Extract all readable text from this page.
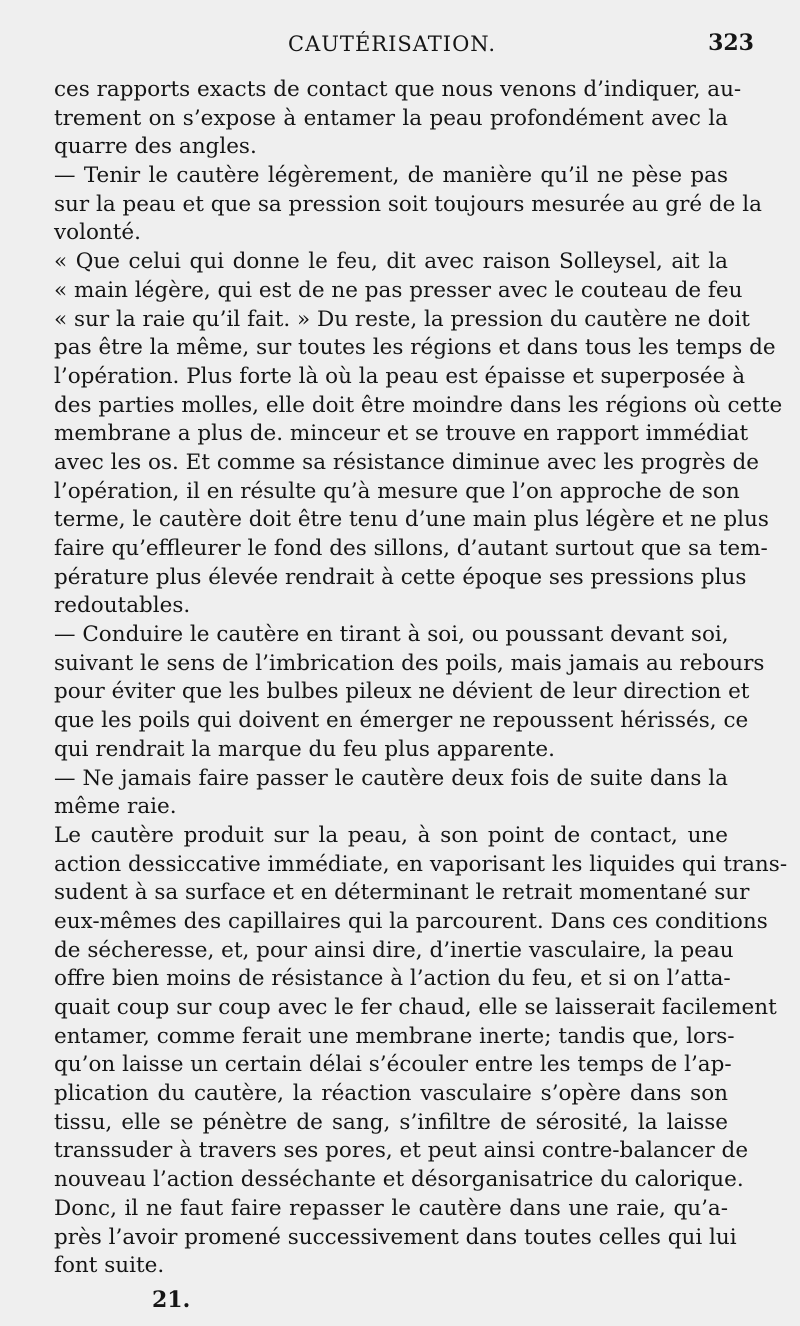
CAUTÉRISATION.	323
ces rapports exacts de contact que nous venons d’indiquer, au-
trement on s’expose à entamer la peau profondément avec la
quarre des angles.
— Tenir le cautère légèrement, de manière qu’il ne pèse pas
sur la peau et que sa pression soit toujours mesurée au gré de la
volonté.
« Que celui qui donne le feu, dit avec raison Solleysel, ait la
« main légère, qui est de ne pas presser avec le couteau de feu
« sur la raie qu’il fait. » Du reste, la pression du cautère ne doit
pas être la même, sur toutes les régions et dans tous les temps de
l’opération. Plus forte là où la peau est épaisse et superposée à
des parties molles, elle doit être moindre dans les régions où cette
membrane a plus de. minceur et se trouve en rapport immédiat
avec les os. Et comme sa résistance diminue avec les progrès de
l’opération, il en résulte qu’à mesure que l’on approche de son
terme, le cautère doit être tenu d’une main plus légère et ne plus
faire qu’effleurer le fond des sillons, d’autant surtout que sa tem-
pérature plus élevée rendrait à cette époque ses pressions plus
redoutables.
— Conduire le cautère en tirant à soi, ou poussant devant soi,
suivant le sens de l’imbrication des poils, mais jamais au rebours
pour éviter que les bulbes pileux ne dévient de leur direction et
que les poils qui doivent en émerger ne repoussent hérissés, ce
qui rendrait la marque du feu plus apparente.
— Ne jamais faire passer le cautère deux fois de suite dans la
même raie.
Le cautère produit sur la peau, à son point de contact, une
action dessiccative immédiate, en vaporisant les liquides qui trans-
sudent à sa surface et en déterminant le retrait momentané sur
eux-mêmes des capillaires qui la parcourent. Dans ces conditions
de sécheresse, et, pour ainsi dire, d’inertie vasculaire, la peau
offre bien moins de résistance à l’action du feu, et si on l’atta-
quait coup sur coup avec le fer chaud, elle se laisserait facilement
entamer, comme ferait une membrane inerte; tandis que, lors-
qu’on laisse un certain délai s’écouler entre les temps de l’ap-
plication du cautère, la réaction vasculaire s’opère dans son
tissu, elle se pénètre de sang, s’infiltre de sérosité, la laisse
transsuder à travers ses pores, et peut ainsi contre-balancer de
nouveau l’action desséchante et désorganisatrice du calorique.
Donc, il ne faut faire repasser le cautère dans une raie, qu’a-
près l’avoir promené successivement dans toutes celles qui lui
font suite.
21.
